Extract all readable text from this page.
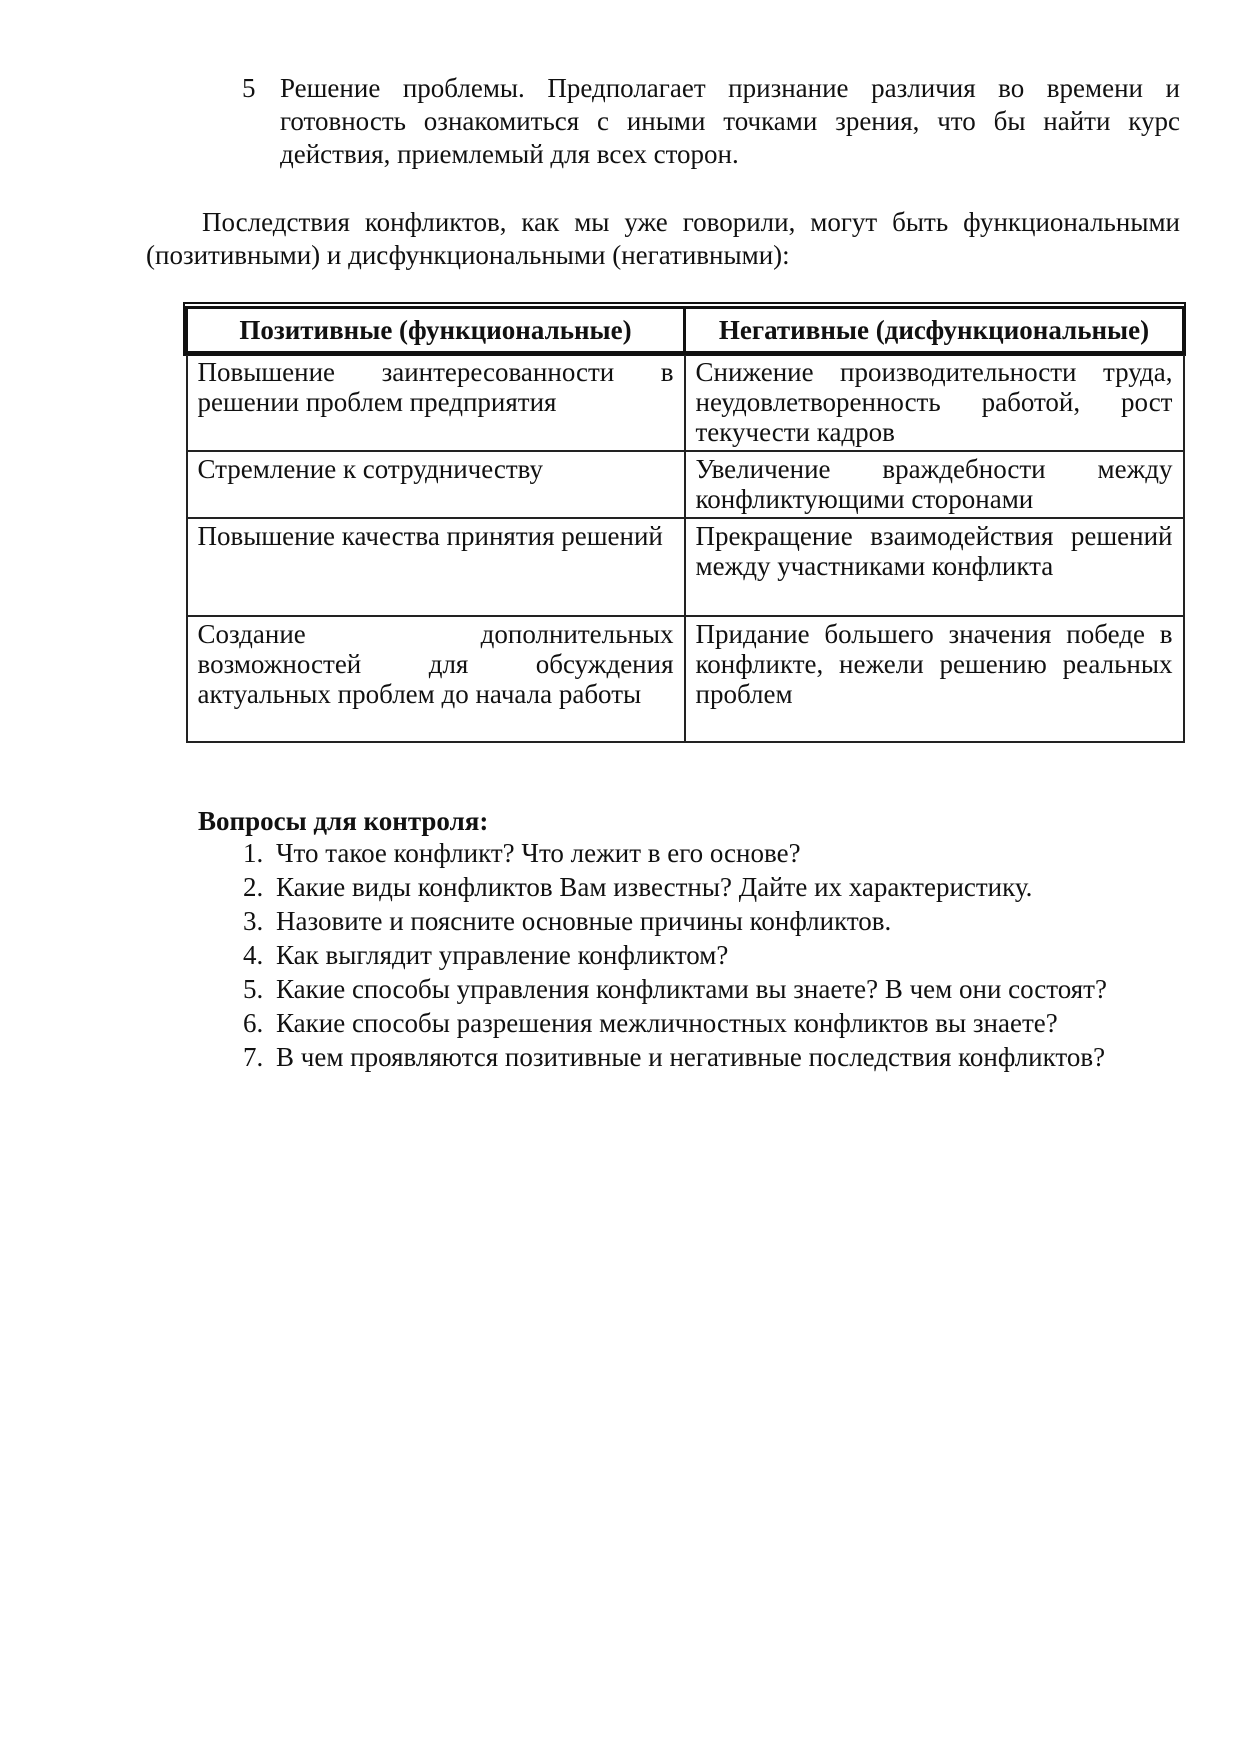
5 Решение проблемы. Предполагает признание различия во времени и готовность ознакомиться с иными точками зрения, что бы найти курс действия, приемлемый для всех сторон.

Последствия конфликтов, как мы уже говорили, могут быть функциональными (позитивными) и дисфункциональными (негативными):

Позитивные (функциональные)	Негативные (дисфункциональные)
Повышение заинтересованности в решении проблем предприятия	Снижение производительности труда, неудовлетворенность работой, рост текучести кадров
Стремление к сотрудничеству	Увеличение враждебности между конфликтующими сторонами
Повышение качества принятия решений	Прекращение взаимодействия решений между участниками конфликта
Создание дополнительных возможностей для обсуждения актуальных проблем до начала работы	Придание большего значения победе в конфликте, нежели решению реальных проблем
Вопросы для контроля:
1. Что такое конфликт? Что лежит в его основе?
2. Какие виды конфликтов Вам известны? Дайте их характеристику.
3. Назовите и поясните основные причины конфликтов.
4. Как выглядит управление конфликтом?
5. Какие способы управления конфликтами вы знаете? В чем они состоят?
6. Какие способы разрешения межличностных конфликтов вы знаете?
7. В чем проявляются позитивные и негативные последствия конфликтов?
